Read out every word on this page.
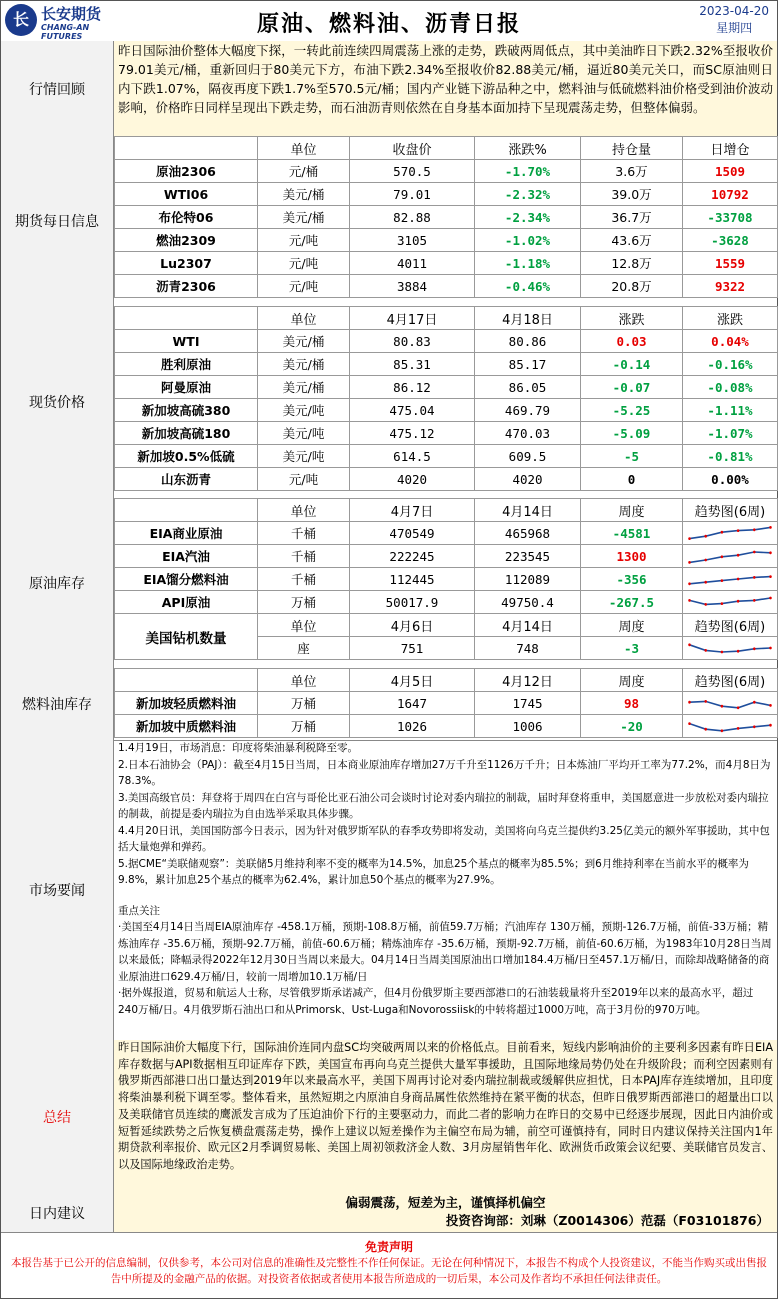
长 长安期货
CHANG-AN FUTURES	原油、燃料油、沥青日报
2023-04-20
星期四
行情回顾
昨日国际油价整体大幅度下探，一转此前连续四周震荡上涨的走势，跌破两周低点，其中美油昨日下跌2.32%至报收价79.01美元/桶，重新回归于80美元下方，布油下跌2.34%至报收价82.88美元/桶，逼近80美元关口，而SC原油则日内下跌1.07%，隔夜再度下跌1.7%至570.5元/桶；国内产业链下游品种之中，燃料油与低硫燃料油价格受到油价波动影响，价格昨日同样呈现出下跌走势，而石油沥青则依然在自身基本面加持下呈现震荡走势，但整体偏弱。
期货每日信息
	单位	收盘价	涨跌%	持仓量	日增仓
原油2306	元/桶	570.5	-1.70%	3.6万	1509
WTI06	美元/桶	79.01	-2.32%	39.0万	10792
布伦特06	美元/桶	82.88	-2.34%	36.7万	-33708
燃油2309	元/吨	3105	-1.02%	43.6万	-3628
Lu2307	元/吨	4011	-1.18%	12.8万	1559
沥青2306	元/吨	3884	-0.46%	20.8万	9322
现货价格
	单位	4月17日	4月18日	涨跌	涨跌
WTI	美元/桶	80.83	80.86	0.03	0.04%
胜利原油	美元/桶	85.31	85.17	-0.14	-0.16%
阿曼原油	美元/桶	86.12	86.05	-0.07	-0.08%
新加坡高硫380	美元/吨	475.04	469.79	-5.25	-1.11%
新加坡高硫180	美元/吨	475.12	470.03	-5.09	-1.07%
新加坡0.5%低硫	美元/吨	614.5	609.5	-5	-0.81%
山东沥青	元/吨	4020	4020	0	0.00%
原油库存
	单位	4月7日	4月14日	周度	趋势图(6周)
EIA商业原油	千桶	470549	465968	-4581	

EIA汽油	千桶	222245	223545	1300	

EIA馏分燃料油	千桶	112445	112089	-356	

API原油	万桶	50017.9	49750.4	-267.5	

美国钻机数量	单位	4月6日	4月14日	周度	趋势图(6周)
	座	751	748	-3	
燃料油库存
	单位	4月5日	4月12日	周度	趋势图(6周)
新加坡轻质燃料油	万桶	1647	1745	98	

新加坡中质燃料油	万桶	1026	1006	-20	
市场要闻

1.4月19日，市场消息：印度将柴油暴利税降至零。

2.日本石油协会（PAJ）：截至4月15日当周，日本商业原油库存增加27万千升至1126万千升；日本炼油厂平均开工率为77.2%，而4月8日为78.3%。

3.美国高级官员：拜登将于周四在白宫与哥伦比亚石油公司会谈时讨论对委内瑞拉的制裁，届时拜登将重申，美国愿意进一步放松对委内瑞拉的制裁，前提是委内瑞拉为自由选举采取具体步骤。

4.4月20日讯，美国国防部今日表示，因为针对俄罗斯军队的春季攻势即将发动，美国将向乌克兰提供约3.25亿美元的额外军事援助，其中包括大量炮弹和弹药。

5.据CME“美联储观察”：美联储5月维持利率不变的概率为14.5%，加息25个基点的概率为85.5%；到6月维持利率在当前水平的概率为9.8%，累计加息25个基点的概率为62.4%，累计加息50个基点的概率为27.9%。

重点关注

·美国至4月14日当周EIA原油库存 -458.1万桶，预期-108.8万桶，前值59.7万桶；汽油库存 130万桶，预期-126.7万桶，前值-33万桶；精炼油库存 -35.6万桶，预期-92.7万桶，前值-60.6万桶；精炼油库存 -35.6万桶，预期-92.7万桶，前值-60.6万桶，为1983年10月28日当周以来最低；降幅录得2022年12月30日当周以来最大。04月14日当周美国原油出口增加184.4万桶/日至457.1万桶/日，而除却战略储备的商业原油进口629.4万桶/日，较前一周增加10.1万桶/日

·据外媒报道，贸易和航运人士称，尽管俄罗斯承诺减产，但4月份俄罗斯主要西部港口的石油装载量将升至2019年以来的最高水平，超过240万桶/日。4月俄罗斯石油出口和从Primorsk、Ust-Luga和Novorossiisk的中转将超过1000万吨，高于3月份的970万吨。

总结
昨日国际油价大幅度下行，国际油价连同内盘SC均突破两周以来的价格低点。目前看来，短线内影响油价的主要利多因素有昨日EIA库存数据与API数据相互印证库存下跌，美国宣布再向乌克兰提供大量军事援助，且国际地缘局势仍处在升级阶段；而利空因素则有俄罗斯西部港口出口量达到2019年以来最高水平，美国下周再讨论对委内瑞拉制裁或缓解供应担忧，日本PAJ库存连续增加，且印度将柴油暴利税下调至零。整体看来，虽然短期之内原油自身商品属性依然维持在紧平衡的状态，但昨日俄罗斯西部港口的超量出口以及美联储官员连续的鹰派发言成为了压迫油价下行的主要驱动力，而此二者的影响力在昨日的交易中已经逐步展现，因此日内油价或短暂延续跌势之后恢复横盘震荡走势，操作上建议以短差操作为主偏空布局为辅，前空可谨慎持有，同时日内建议保持关注国内1年期贷款利率报价、欧元区2月季调贸易帐、美国上周初领救济金人数、3月房屋销售年化、欧洲货币政策会议纪要、美联储官员发言、以及国际地缘政治走势。
日内建议
偏弱震荡，短差为主，谨慎择机偏空
投资咨询部：刘琳（Z0014306）范磊（F03101876）
免责声明
本报告基于已公开的信息编制，仅供参考，本公司对信息的准确性及完整性不作任何保证。无论在何种情况下，本报告不构成个人投资建议，不能当作购买或出售报告中所提及的金融产品的依据。对投资者依据或者使用本报告所造成的一切后果，本公司及作者均不承担任何法律责任。
